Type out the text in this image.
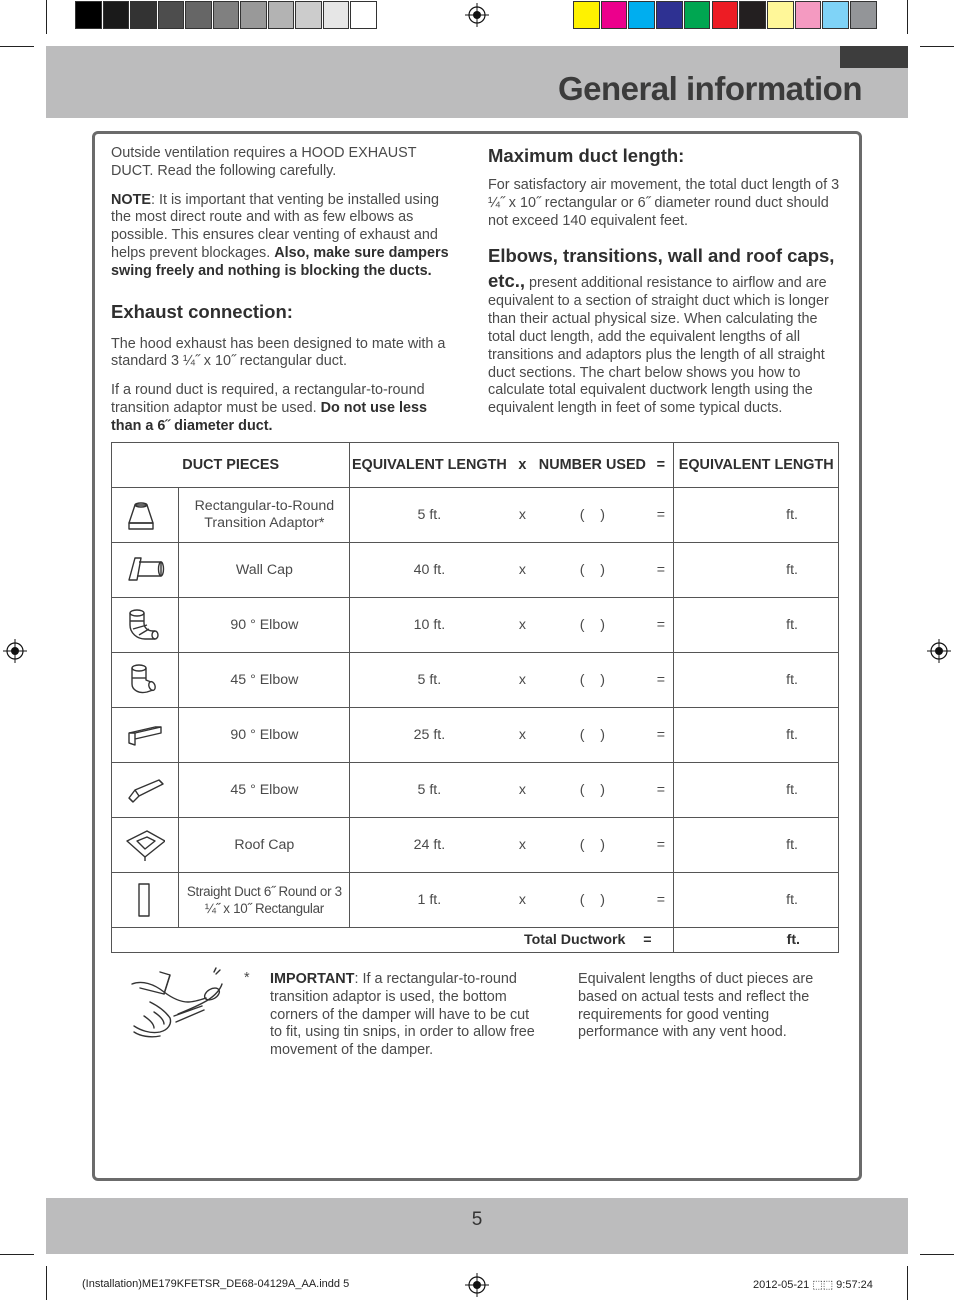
General information

Outside ventilation requires a HOOD EXHAUST DUCT. Read the following carefully.

NOTE: It is important that venting be installed using the most direct route and with as few elbows as possible. This ensures clear venting of exhaust and helps prevent blockages. Also, make sure dampers swing freely and nothing is blocking the ducts.

Exhaust connection:

The hood exhaust has been designed to mate with a standard 3 ¼˝ x 10˝ rectangular duct.

If a round duct is required, a rectangular-to-round transition adaptor must be used. Do not use less than a 6˝ diameter duct.

Maximum duct length:

For satisfactory air movement, the total duct length of 3 ¼˝ x 10˝ rectangular or 6˝ diameter round duct should not exceed 140 equivalent feet.

Elbows, transitions, wall and roof caps, etc., present additional resistance to airflow and are equivalent to a section of straight duct which is longer than their actual physical size. When calculating the total duct length, add the equivalent lengths of all transitions and adaptors plus the length of all straight duct sections. The chart below shows you how to calculate total equivalent ductwork length using the equivalent length in feet of some typical ducts.

DUCT PIECES		EQUIVALENT LENGTH x NUMBER USED =	EQUIVALENT LENGTH

	Rectangular-to-Round Transition Adaptor*	5 ft. x (    ) =	ft.

	Wall Cap	40 ft. x (    ) =	ft.

	90 ° Elbow	10 ft. x (    ) =	ft.

	45 ° Elbow	5 ft. x (    ) =	ft.

	90 ° Elbow	25 ft. x (    ) =	ft.

	45 ° Elbow	5 ft. x (    ) =	ft.

	Roof Cap	24 ft. x (    ) =	ft.

	Straight Duct 6˝ Round or 3 ¼˝ x 10˝ Rectangular	1 ft. x (    ) =	ft.
Total Ductwork =			ft.
* IMPORTANT: If a rectangular-to-round transition adaptor is used, the bottom corners of the damper will have to be cut to fit, using tin snips, in order to allow free movement of the damper.
Equivalent lengths of duct pieces are based on actual tests and reflect the requirements for good venting performance with any vent hood.
5
(Installation)ME179KFETSR_DE68-04129A_AA.indd 5	2012-05-21 ⬚⬚ 9:57:24
